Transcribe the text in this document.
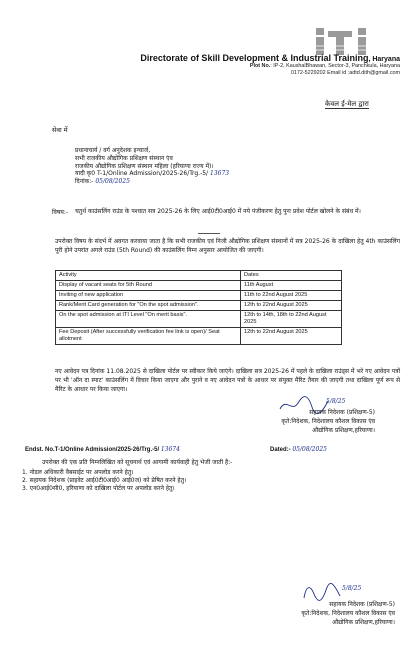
Directorate of Skill Development & Industrial Training, Haryana
Plot No.: IP-2, KaushalBhawan, Sector-3, Panchkula, Haryana
0172-5229202 Email id :adtd.dith@gmail.com
केवल ई-मेल द्वारा
सेवा में
प्रधानाचार्य / वर्ग अनुदेशक इन्चार्ज,
सभी राजकीय औद्योगिक प्रशिक्षण संस्थान एंव
राजकीय औद्योगिक प्रशिक्षण संस्थान महिला (हरियाणा राज्य में)।
यादी कृ0 T-1/Online Admission/2025-26/Trg.-5/ 13673
दिनांक:- 05/08/2025
विषय:- चतुर्थ काउंसलिंग राउंड के पश्चात सत्र 2025-26 के लिए आई0टी0आई0 में नये पंजीकरण हेतु पुनः प्रवेश पोर्टल खोलने के संबंध में।
उपरोक्त विषय के संदर्भ में अवगत करवाया जाता है कि सभी राजकीय एवं निजी औद्योगिक प्रशिक्षण संस्थानों में सत्र 2025-26 के दाखिला हेतु 4th काउंसलिंग पूरी होने उपरांत अगले राउंड (5th Round) की काउंसलिंग निम्न अनुसार आयोजित की जाएगी।
Activity	Dates
Display of vacant seats for 5th Round	11th August
Inviting of new application	11th to 22nd August 2025
Rank/Merit Card generation for "On the spot admission".	12th to 22nd August 2025
On the spot admission at ITI Level "On merit basis".	12th to 14th, 18th to 22nd August 2025
Fee Deposit (After successfully verification fee link is open)/ Seat allotment	12th to 22nd August 2025
नए आवेदन पत्र दिनांक 11.08.2025 से दाखिला पोर्टल पर स्वीकार किये जाएंगे। दाखिला सत्र 2025-26 में पहले के दाखिला राउंड्स में भरे गए आवेदन पत्रों पर भी 'ऑन दा स्पाट' काउंसलिंग में विचार किया जाएगा और पुराने व नए आवेदन पत्रों के आधार पर संयुक्त मैरिट तैयार की जाएगी तथा दाखिला पूर्ण रूप से मैरिट के आधार पर किया जाएगा।
5/8/25
सहायक निदेशक (प्रशिक्षण-5)
कृते:निदेशक, निदेशालय कौशल विकास एंव
औद्योगिक प्रशिक्षण,हरियाणा।
Endst. No.T-1/Online Admission/2025-26/Trg.-5/ 13674	Dated:- 05/08/2025
उपरोक्त की एक प्रति निम्नलिखित को सूचनार्थ एवं आगामी कार्यवाही हेतु भेजी जाती है:-
1. नोडल अधिकारी वैबसाईट पर अपलोड करने हेतु।
2. सहायक निदेशक (प्राइवेट आई0टी0आई0 आई0ज) को प्रेषित करने हेतु।
3. एन0आई0सी0, हरियाणा को दाखिला पोर्टल पर अपलोड करने हेतु।
5/8/25
सहायक निदेशक (प्रशिक्षण-5)
कृते:निदेशक, निदेशालय कौशल विकास एंव
औद्योगिक प्रशिक्षण,हरियाणा।
